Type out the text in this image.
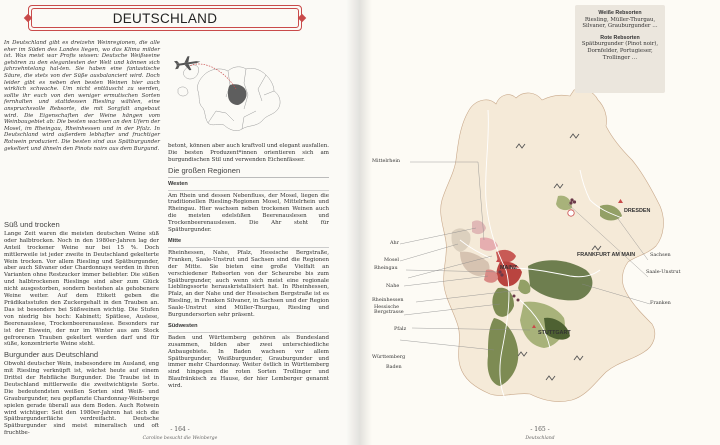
DEUTSCHLAND
In Deutschland gibt es dreizehn Weinregionen, die alle eher im Süden des Landes liegen, wo das Klima milder ist. Was meist war Profis wissen: Deutsche Weißweine gehören zu den elegantesten der Welt und können sich jahrzehntelang hal-ten. Sie haben eine fantastische Säure, die stets von der Süße ausbalanciert wird. Doch leider gibt es neben den besten Weinen hier auch wirklich schwache. Um nicht enttäuscht zu werden, sollte ihr euch von den weniger ermutischen Sorten fernhalten und stattdessen Riesling wählen, eine anspruchsvolle Rebsorte, die mit Sorgfalt angebaut wird. Die Eigenschaften der Weine hängen vom Weinbaugebiet ab: Die besten wachsen an den Ufern der Mosel, im Rheingau, Rheinhessen und in der Pfalz. In Deutschland wird außerdem lebhafter und fruchtiger Rotwein produziert. Die besten sind aus Spätburgunder gekeltert und ähneln den Pinots noirs aus dem Burgund.
Süß und trocken
Lange Zeit waren die meisten deutschen Weine süß oder halbtrocken. Noch in den 1980er-Jahren lag der Anteil trockener Weine nur bei 15 %. Doch mittlerweile ist jeder zweite in Deutschland gekelterte Wein trocken. Vor allem Riesling und Spätburgunder, aber auch Silvaner oder Chardonnays werden in ihren Varianten ohne Restzucker immer beliebter. Die süßen und halbtrockenen Rieslinge sind aber zum Glück nicht ausgestorben, sondern bestehen als gehobenere Weine weiter. Auf dem Etikett geben die Prädikatsstufen den Zuckergehalt in den Trauben an. Das ist besonders bei Süßweinen wichtig. Die Stufen von niedrig bis hoch: Kabinett; Spätlese, Auslese, Beerenauslese, Trockenbeerenauslese. Besonders rar ist der Eiswein, der nur im Winter aus am Stock gefrorenen Trauben gekeltert werden darf und für süße, konzentrierte Weine steht.
Burgunder aus Deutschland
Obwohl deutscher Wein, insbesondere im Ausland, eng mit Riesling verknüpft ist, wächst heute auf einem Drittel der Rebfläche Burgunder. Die Traube ist in Deutschland mittlerweile die zweitwichtigste Sorte. Die bedeutendsten weißen Sorten sind Weiß- und Grauburgunder, neu gepflanzte Chardonnay-Weinberge spielen gerade überall aus dem Boden. Auch Rotwein wird wichtiger: Seit den 1980er-Jahren hat sich die Spätburgunderfläche verdreifacht. Deutsche Spätburgunder sind meist mineralisch und oft fruchtbe-
betont, können aber auch kraftvoll und elegant ausfallen. Die besten Produzent*innen orientieren sich am burgundischen Stil und verwenden Eichenfässer.
Die großen Regionen
Westen
Am Rhein und dessen Nebenfluss, der Mosel, liegen die traditionellen Riesling-Regionen Mosel, Mittelrhein und Rheingau. Hier wachsen neben trockenen Weinen auch die meisten edelsüßen Beerenauslesen und Trockenbeerenauslesen. Die Ahr steht für Spätburgunder.
Mitte
Rheinhessen, Nahe, Pfalz, Hessische Bergstraße, Franken, Saale-Unstrut und Sachsen sind die Regionen der Mitte. Sie bieten eine große Vielfalt an verschiedener Rebsorten von der Scheurebe bis zum Spätburgunder, auch wenn sich meist eine regionale Lieblingssorte herauskristallisiert hat. In Rheinhessen, Pfalz, an der Nahe und der Hessischen Bergstraße ist es Riesling, in Franken Silvaner, in Sachsen und der Region Saale-Unstrut sind Müller-Thurgau, Riesling und Burgundersorten sehr präsent.
Südwesten
Baden und Württemberg gehören als Bundesland zusammen, bilden aber zwei unterschiedliche Anbaugebiete. In Baden wachsen vor allem Spätburgunder, Weißburgunder, Grauburgunder und immer mehr Chardonnay. Weiter östlich in Württemberg sind hingegen die roten Sorten Trollinger und Blaufränkisch zu Hause, der hier Lemberger genannt wird.
- 164 -
Caroline besucht die Weinberge
Weiße Rebsorten
Riesling, Müller-Thurgau, Silvaner, Grauburgunder …
Rote Rebsorten
Spätburgunder (Pinot noir), Dornfelder, Portugieser, Trollinger …
Mittelrhein
Ahr
Mosel
Rheingau
Nahe
Rheinhessen
Hessische Bergstrasse
Pfalz
Württemberg
Baden
Sachsen
Saale-Unstrut
Franken
DRESDEN
FRANKFURT AM MAIN
MAINZ
STUTTGART
- 165 -
Deutschland
